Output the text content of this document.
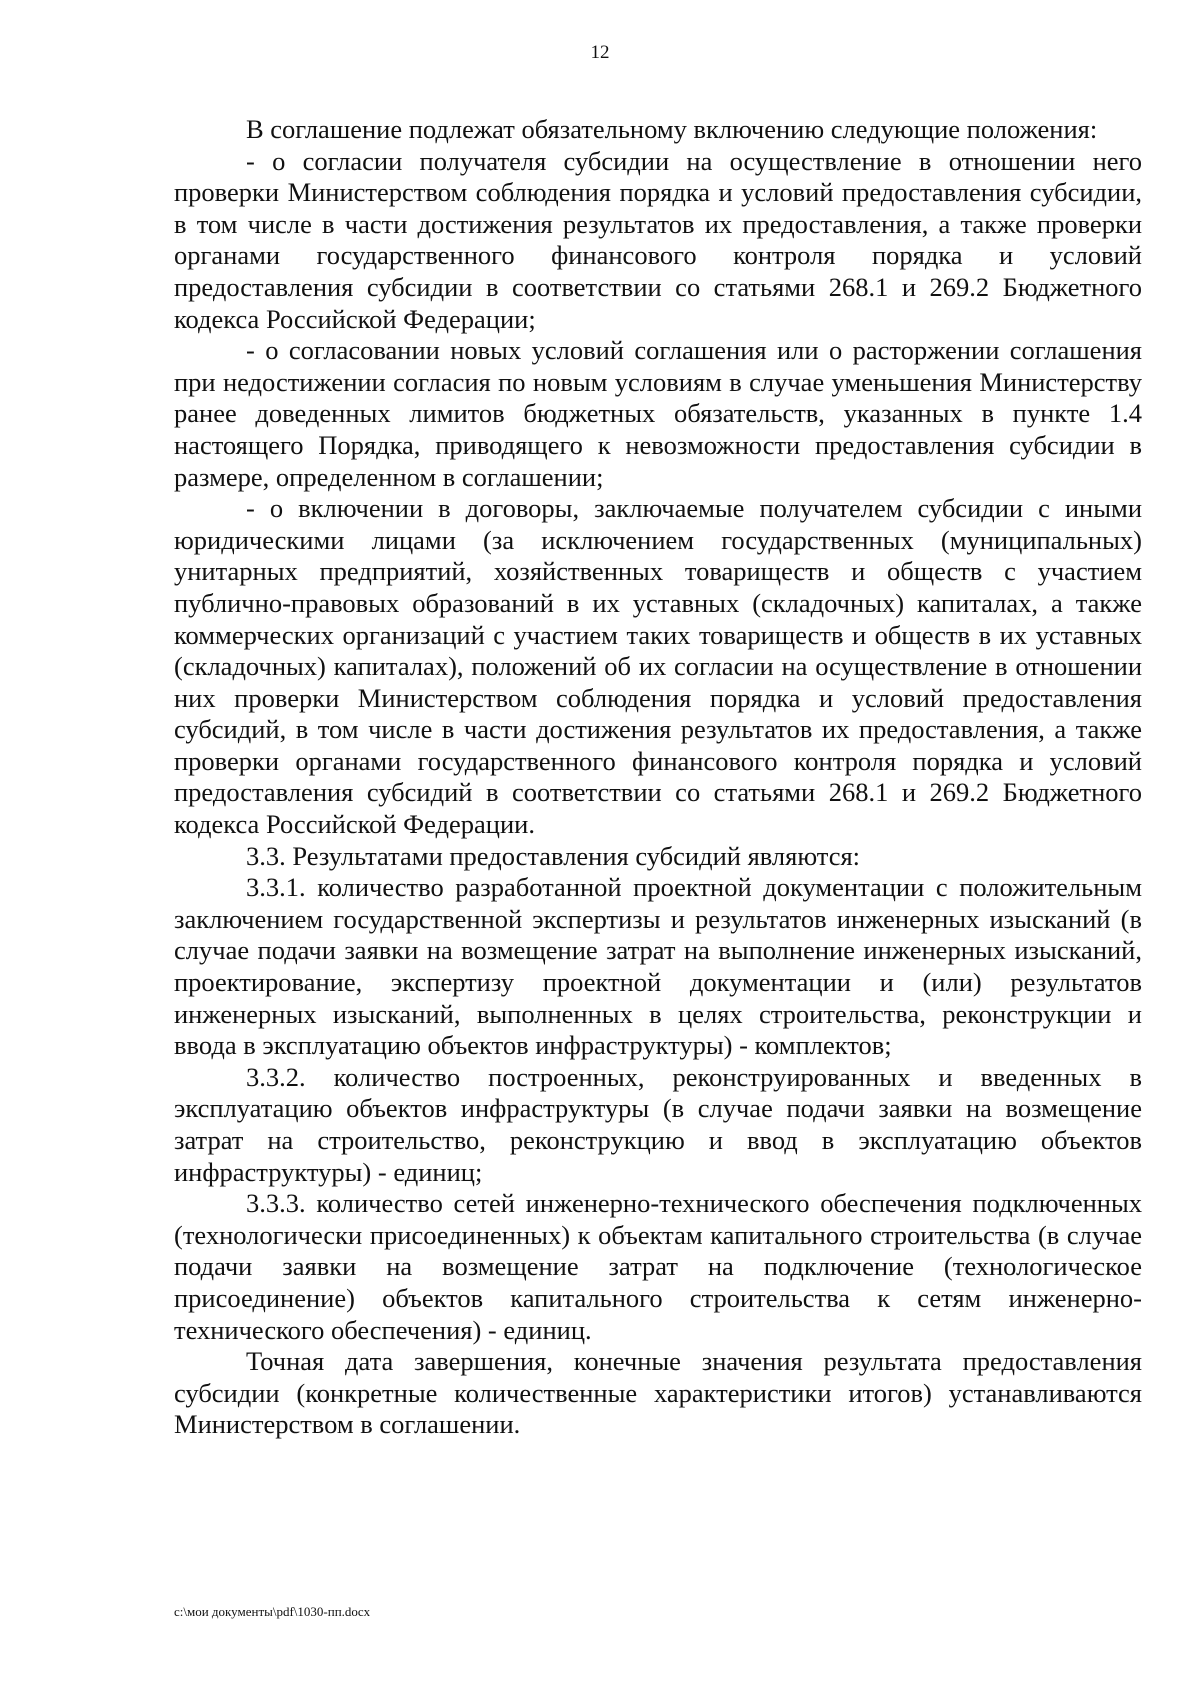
12

В соглашение подлежат обязательному включению следующие положения:

- о согласии получателя субсидии на осуществление в отношении него проверки Министерством соблюдения порядка и условий предоставления субсидии, в том числе в части достижения результатов их предоставления, а также проверки органами государственного финансового контроля порядка и условий предоставления субсидии в соответствии со статьями 268.1 и 269.2 Бюджетного кодекса Российской Федерации;

- о согласовании новых условий соглашения или о расторжении соглашения при недостижении согласия по новым условиям в случае уменьшения Министерству ранее доведенных лимитов бюджетных обязательств, указанных в пункте 1.4 настоящего Порядка, приводящего к невозможности предоставления субсидии в размере, определенном в соглашении;

- о включении в договоры, заключаемые получателем субсидии с иными юридическими лицами (за исключением государственных (муниципальных) унитарных предприятий, хозяйственных товариществ и обществ с участием публично-правовых образований в их уставных (складочных) капиталах, а также коммерческих организаций с участием таких товариществ и обществ в их уставных (складочных) капиталах), положений об их согласии на осуществление в отношении них проверки Министерством соблюдения порядка и условий предоставления субсидий, в том числе в части достижения результатов их предоставления, а также проверки органами государственного финансового контроля порядка и условий предоставления субсидий в соответствии со статьями 268.1 и 269.2 Бюджетного кодекса Российской Федерации.

3.3. Результатами предоставления субсидий являются:

3.3.1. количество разработанной проектной документации с положительным заключением государственной экспертизы и результатов инженерных изысканий (в случае подачи заявки на возмещение затрат на выполнение инженерных изысканий, проектирование, экспертизу проектной документации и (или) результатов инженерных изысканий, выполненных в целях строительства, реконструкции и ввода в эксплуатацию объектов инфраструктуры) - комплектов;

3.3.2. количество построенных, реконструированных и введенных в эксплуатацию объектов инфраструктуры (в случае подачи заявки на возмещение затрат на строительство, реконструкцию и ввод в эксплуатацию объектов инфраструктуры) - единиц;

3.3.3. количество сетей инженерно-технического обеспечения подключенных (технологически присоединенных) к объектам капитального строительства (в случае подачи заявки на возмещение затрат на подключение (технологическое присоединение) объектов капитального строительства к сетям инженерно-технического обеспечения) - единиц.

Точная дата завершения, конечные значения результата предоставления субсидии (конкретные количественные характеристики итогов) устанавливаются Министерством в соглашении.

c:\мои документы\pdf\1030-пп.docx
